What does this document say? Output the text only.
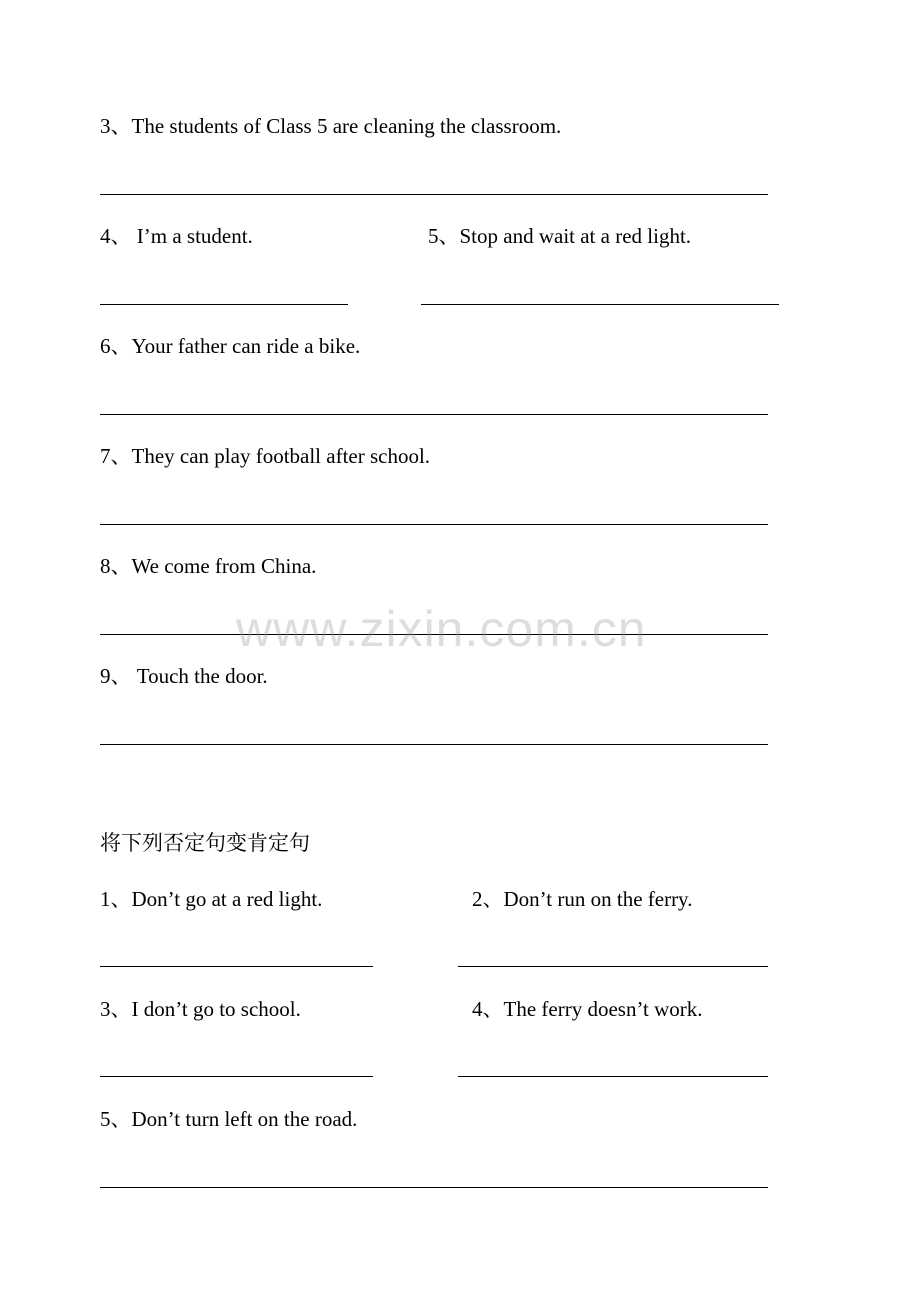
3、The students of Class 5 are cleaning the classroom.
4、 I’m a student.	5、Stop and wait at a red light.
6、Your father can ride a bike.
7、They can play football after school.
8、We come from China.
www.zixin.com.cn
9、 Touch the door.
将下列否定句变肯定句
1、Don’t go at a red light.	2、Don’t run on the ferry.
3、I don’t go to school.	4、The ferry doesn’t work.
5、Don’t turn left on the road.
